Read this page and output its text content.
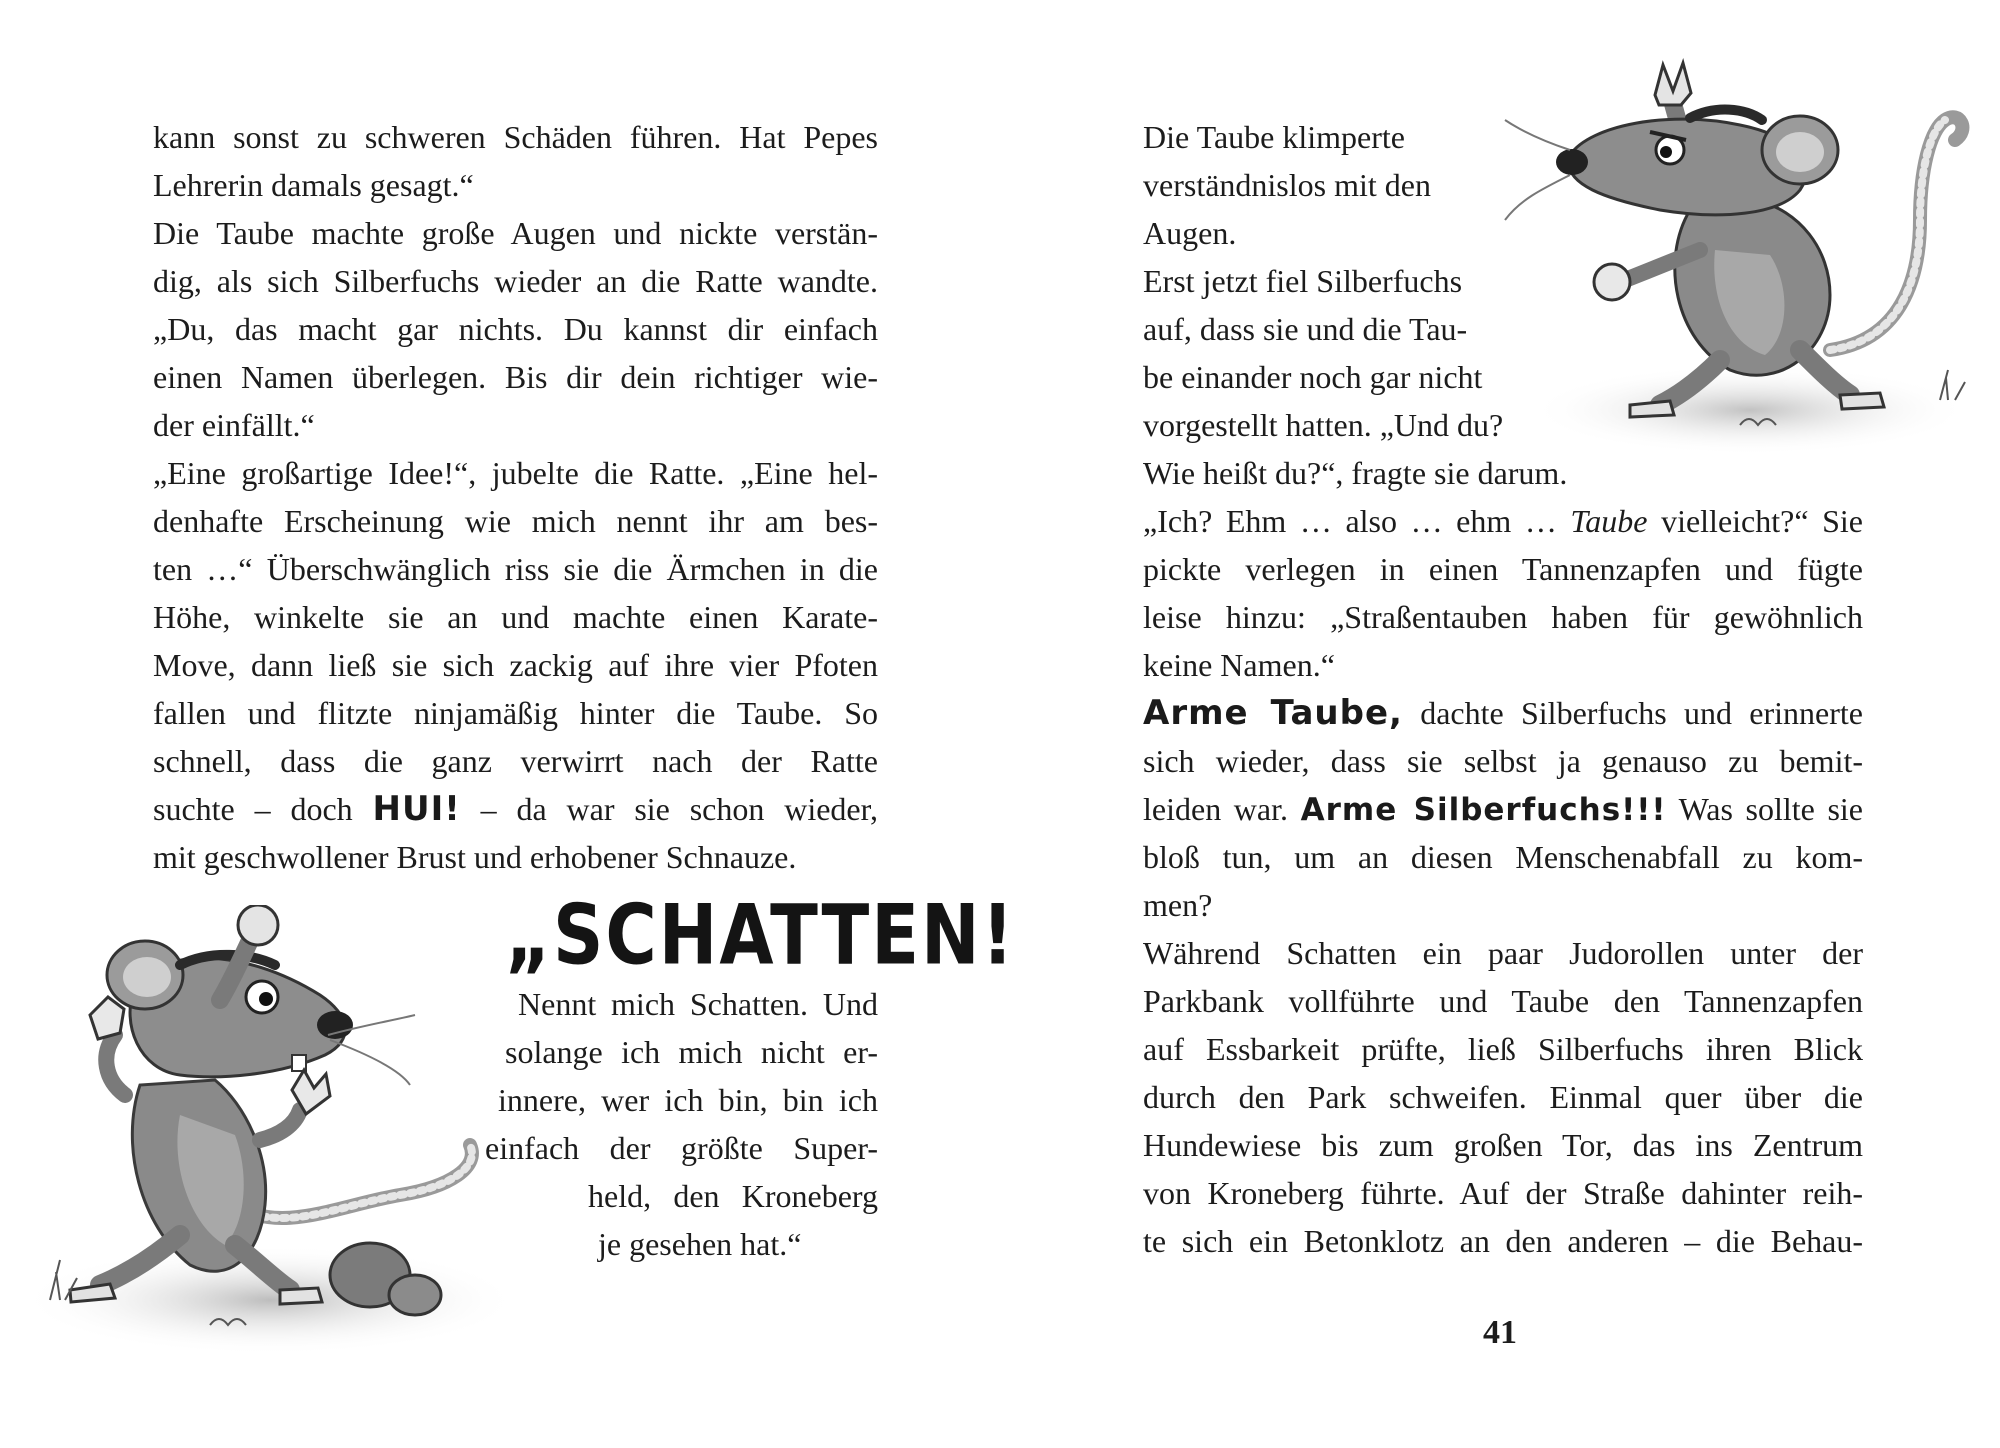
kann sonst zu schweren Schäden führen. Hat Pepes
Lehrerin damals gesagt.“
Die Taube machte große Augen und nickte verstän-
dig, als sich Silberfuchs wieder an die Ratte wandte.
„Du, das macht gar nichts. Du kannst dir einfach
einen Namen überlegen. Bis dir dein richtiger wie-
der einfällt.“
„Eine großartige Idee!“, jubelte die Ratte. „Eine hel-
denhafte Erscheinung wie mich nennt ihr am bes-
ten …“ Überschwänglich riss sie die Ärmchen in die
Höhe, winkelte sie an und machte einen Karate-
Move, dann ließ sie sich zackig auf ihre vier Pfoten
fallen und flitzte ninjamäßig hinter die Taube. So
schnell, dass die ganz verwirrt nach der Ratte
suchte – doch HUI! – da war sie schon wieder,
mit geschwollener Brust und erhobener Schnauze.
„SCHATTEN!
Nennt mich Schatten. Und
solange ich mich nicht er-
innere, wer ich bin, bin ich
einfach der größte Super-
held, den Kroneberg
je gesehen hat.“
Die Taube klimperte
verständnislos mit den
Augen.
Erst jetzt fiel Silberfuchs
auf, dass sie und die Tau-
be einander noch gar nicht
vorgestellt hatten. „Und du?
Wie heißt du?“, fragte sie darum.
„Ich? Ehm … also … ehm … Taube vielleicht?“ Sie
pickte verlegen in einen Tannenzapfen und fügte
leise hinzu: „Straßentauben haben für gewöhnlich
keine Namen.“
Arme Taube, dachte Silberfuchs und erinnerte
sich wieder, dass sie selbst ja genauso zu bemit-
leiden war. Arme Silberfuchs!!! Was sollte sie
bloß tun, um an diesen Menschenabfall zu kom-
men?
Während Schatten ein paar Judorollen unter der
Parkbank vollführte und Taube den Tannenzapfen
auf Essbarkeit prüfte, ließ Silberfuchs ihren Blick
durch den Park schweifen. Einmal quer über die
Hundewiese bis zum großen Tor, das ins Zentrum
von Kroneberg führte. Auf der Straße dahinter reih-
te sich ein Betonklotz an den anderen – die Behau-
41
